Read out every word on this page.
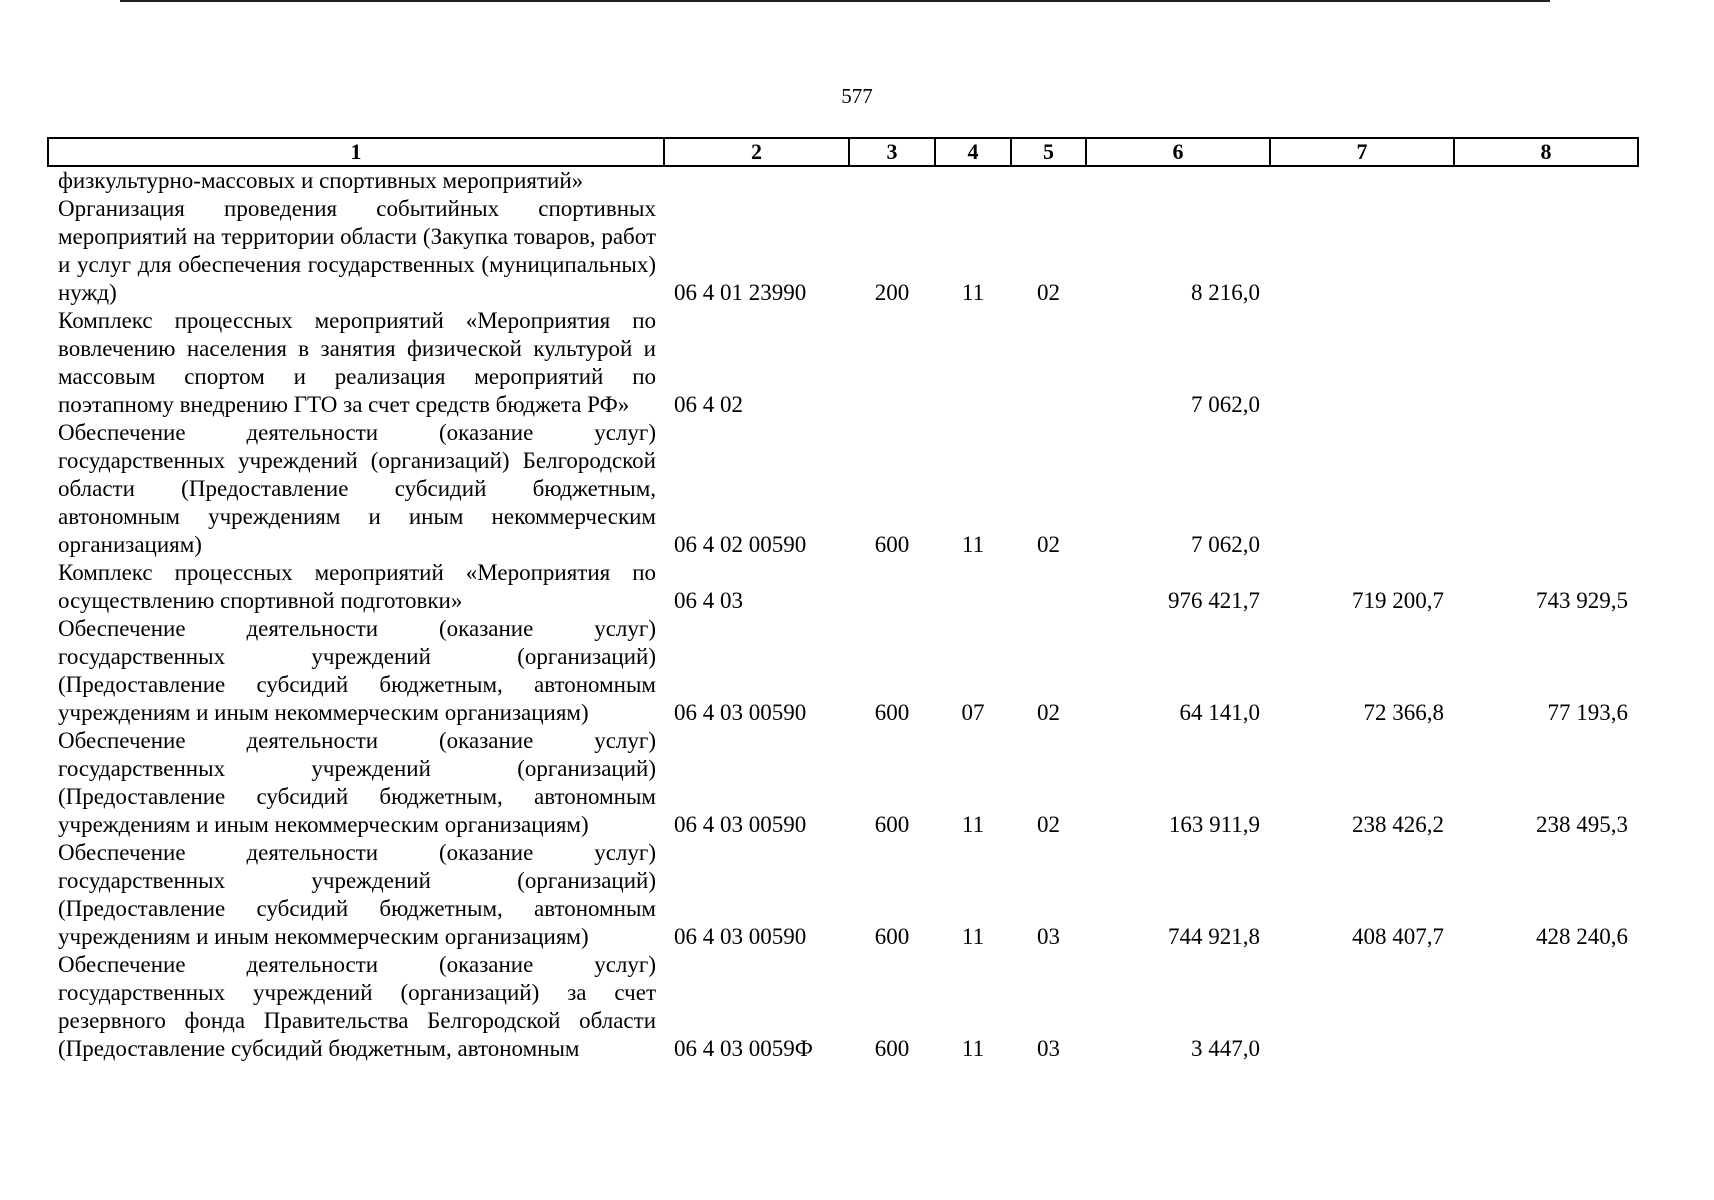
577
1	2	3	4	5	6	7	8
физкультурно-массовых и спортивных мероприятий»							
Организация проведения событийных спортивных мероприятий на территории области (Закупка товаров, работ и услуг для обеспечения государственных (муниципальных) нужд)	06 4 01 23990	200	11	02	8 216,0		
Комплекс процессных мероприятий «Мероприятия по вовлечению населения в занятия физической культурой и массовым спортом и реализация мероприятий по поэтапному внедрению ГТО за счет средств бюджета РФ»	06 4 02				7 062,0		
Обеспечение деятельности (оказание услуг) государственных учреждений (организаций) Белгородской области (Предоставление субсидий бюджетным, автономным учреждениям и иным некоммерческим организациям)	06 4 02 00590	600	11	02	7 062,0		
Комплекс процессных мероприятий «Мероприятия по осуществлению спортивной подготовки»	06 4 03				976 421,7	719 200,7	743 929,5
Обеспечение деятельности (оказание услуг) государственных учреждений (организаций) (Предоставление субсидий бюджетным, автономным учреждениям и иным некоммерческим организациям)	06 4 03 00590	600	07	02	64 141,0	72 366,8	77 193,6
Обеспечение деятельности (оказание услуг) государственных учреждений (организаций) (Предоставление субсидий бюджетным, автономным учреждениям и иным некоммерческим организациям)	06 4 03 00590	600	11	02	163 911,9	238 426,2	238 495,3
Обеспечение деятельности (оказание услуг) государственных учреждений (организаций) (Предоставление субсидий бюджетным, автономным учреждениям и иным некоммерческим организациям)	06 4 03 00590	600	11	03	744 921,8	408 407,7	428 240,6
Обеспечение деятельности (оказание услуг) государственных учреждений (организаций) за счет резервного фонда Правительства Белгородской области (Предоставление субсидий бюджетным, автономным	06 4 03 0059Ф	600	11	03	3 447,0		
